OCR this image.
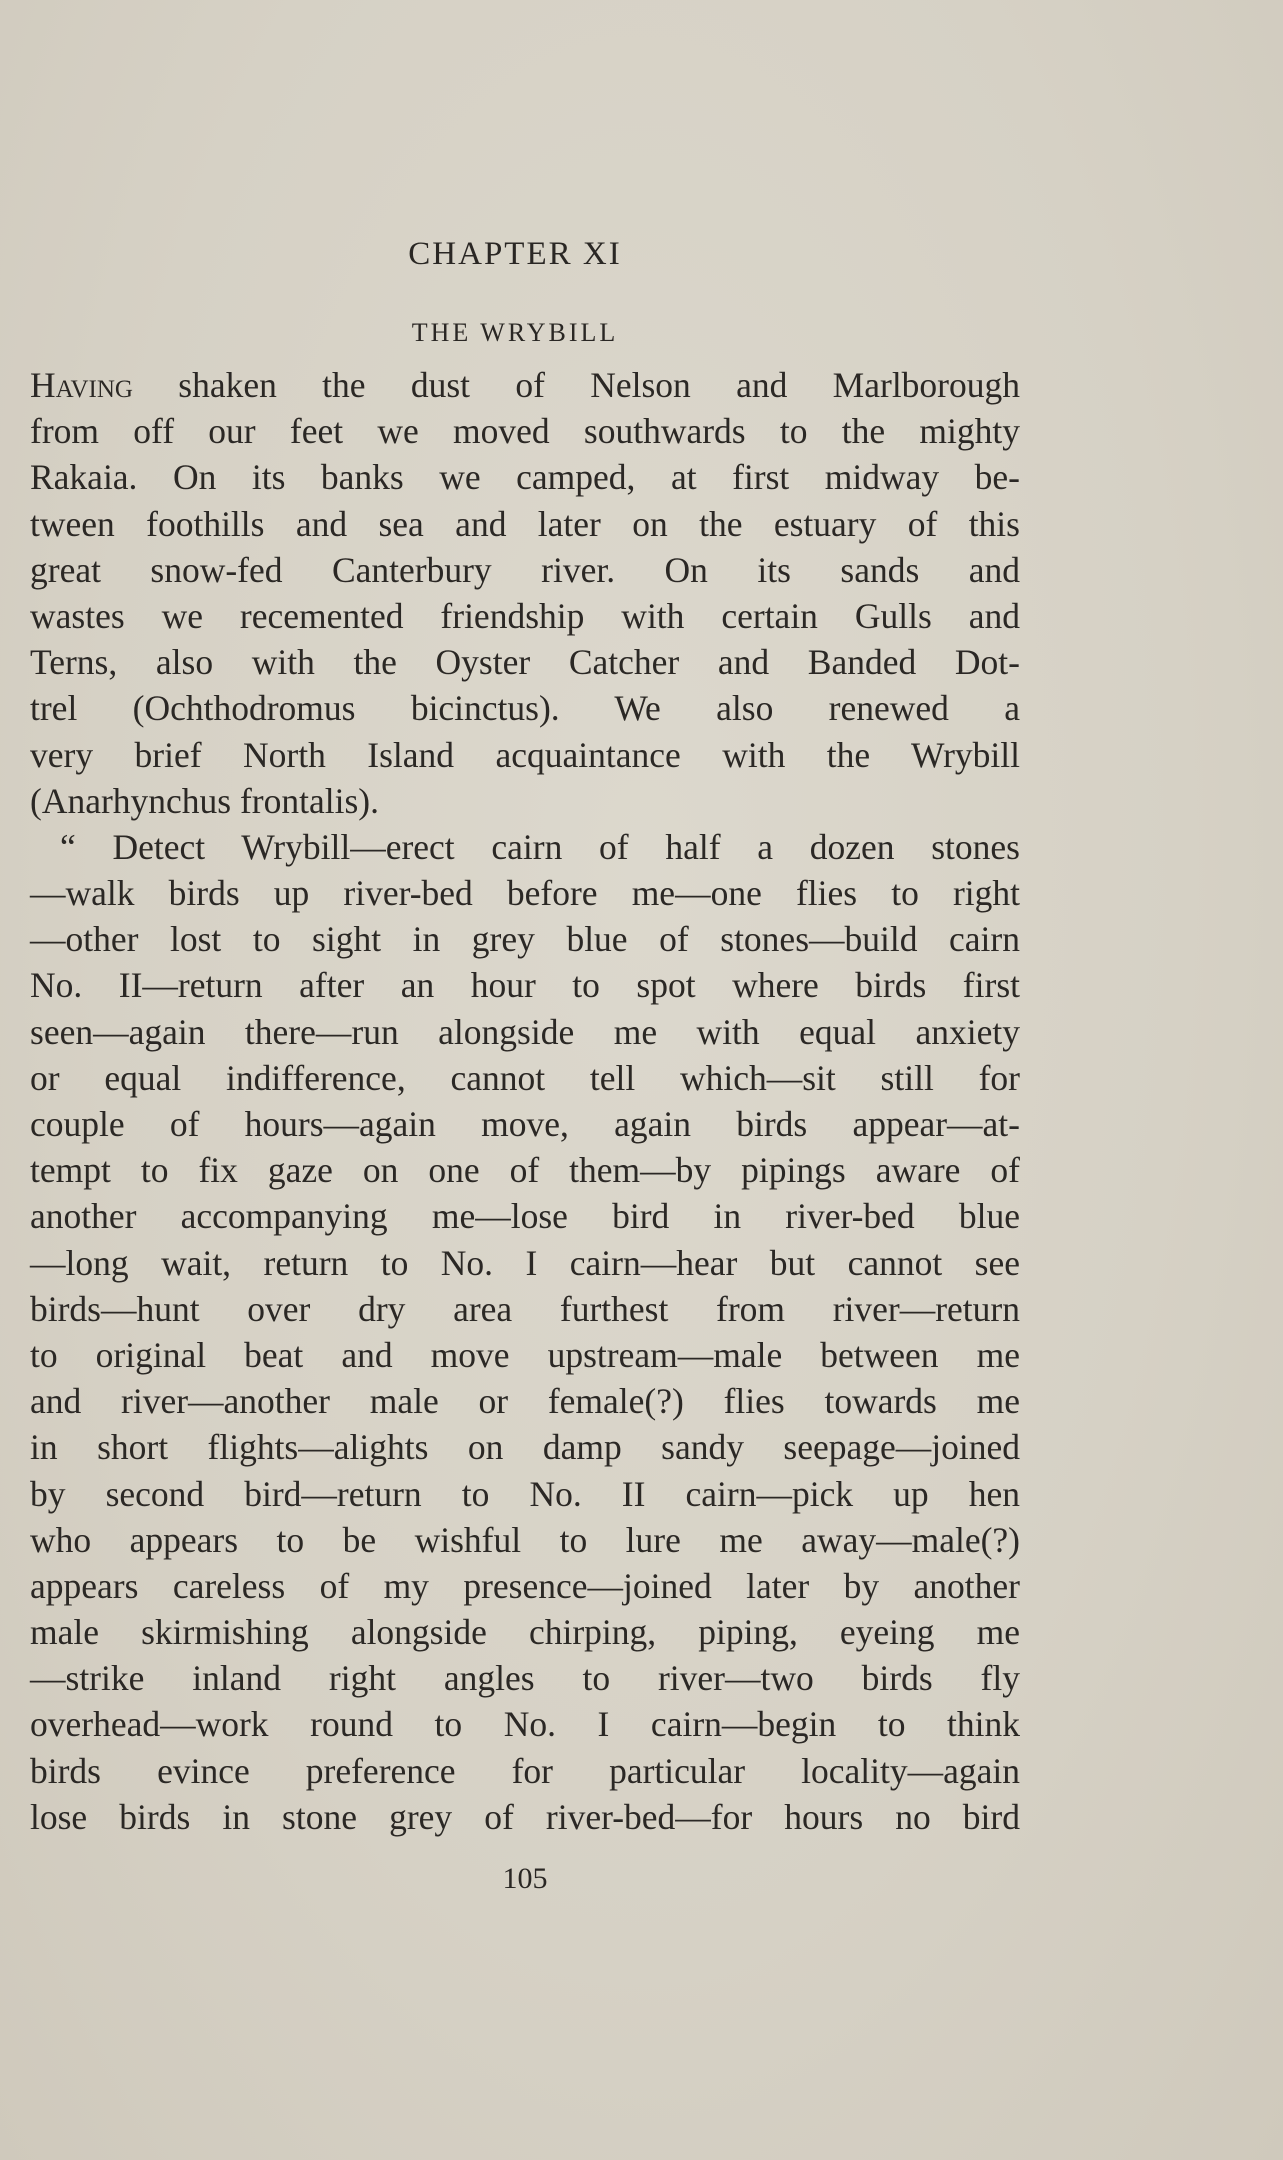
CHAPTER XI
THE WRYBILL
Having shaken the dust of Nelson and Marlborough
from off our feet we moved southwards to the mighty
Rakaia. On its banks we camped, at first midway be-
tween foothills and sea and later on the estuary of this
great snow-fed Canterbury river. On its sands and
wastes we recemented friendship with certain Gulls and
Terns, also with the Oyster Catcher and Banded Dot-
trel (Ochthodromus bicinctus). We also renewed a
very brief North Island acquaintance with the Wrybill
(Anarhynchus frontalis).
“ Detect Wrybill—erect cairn of half a dozen stones
—walk birds up river-bed before me—one flies to right
—other lost to sight in grey blue of stones—build cairn
No. II—return after an hour to spot where birds first
seen—again there—run alongside me with equal anxiety
or equal indifference, cannot tell which—sit still for
couple of hours—again move, again birds appear—at-
tempt to fix gaze on one of them—by pipings aware of
another accompanying me—lose bird in river-bed blue
—long wait, return to No. I cairn—hear but cannot see
birds—hunt over dry area furthest from river—return
to original beat and move upstream—male between me
and river—another male or female(?) flies towards me
in short flights—alights on damp sandy seepage—joined
by second bird—return to No. II cairn—pick up hen
who appears to be wishful to lure me away—male(?)
appears careless of my presence—joined later by another
male skirmishing alongside chirping, piping, eyeing me
—strike inland right angles to river—two birds fly
overhead—work round to No. I cairn—begin to think
birds evince preference for particular locality—again
lose birds in stone grey of river-bed—for hours no bird
105
